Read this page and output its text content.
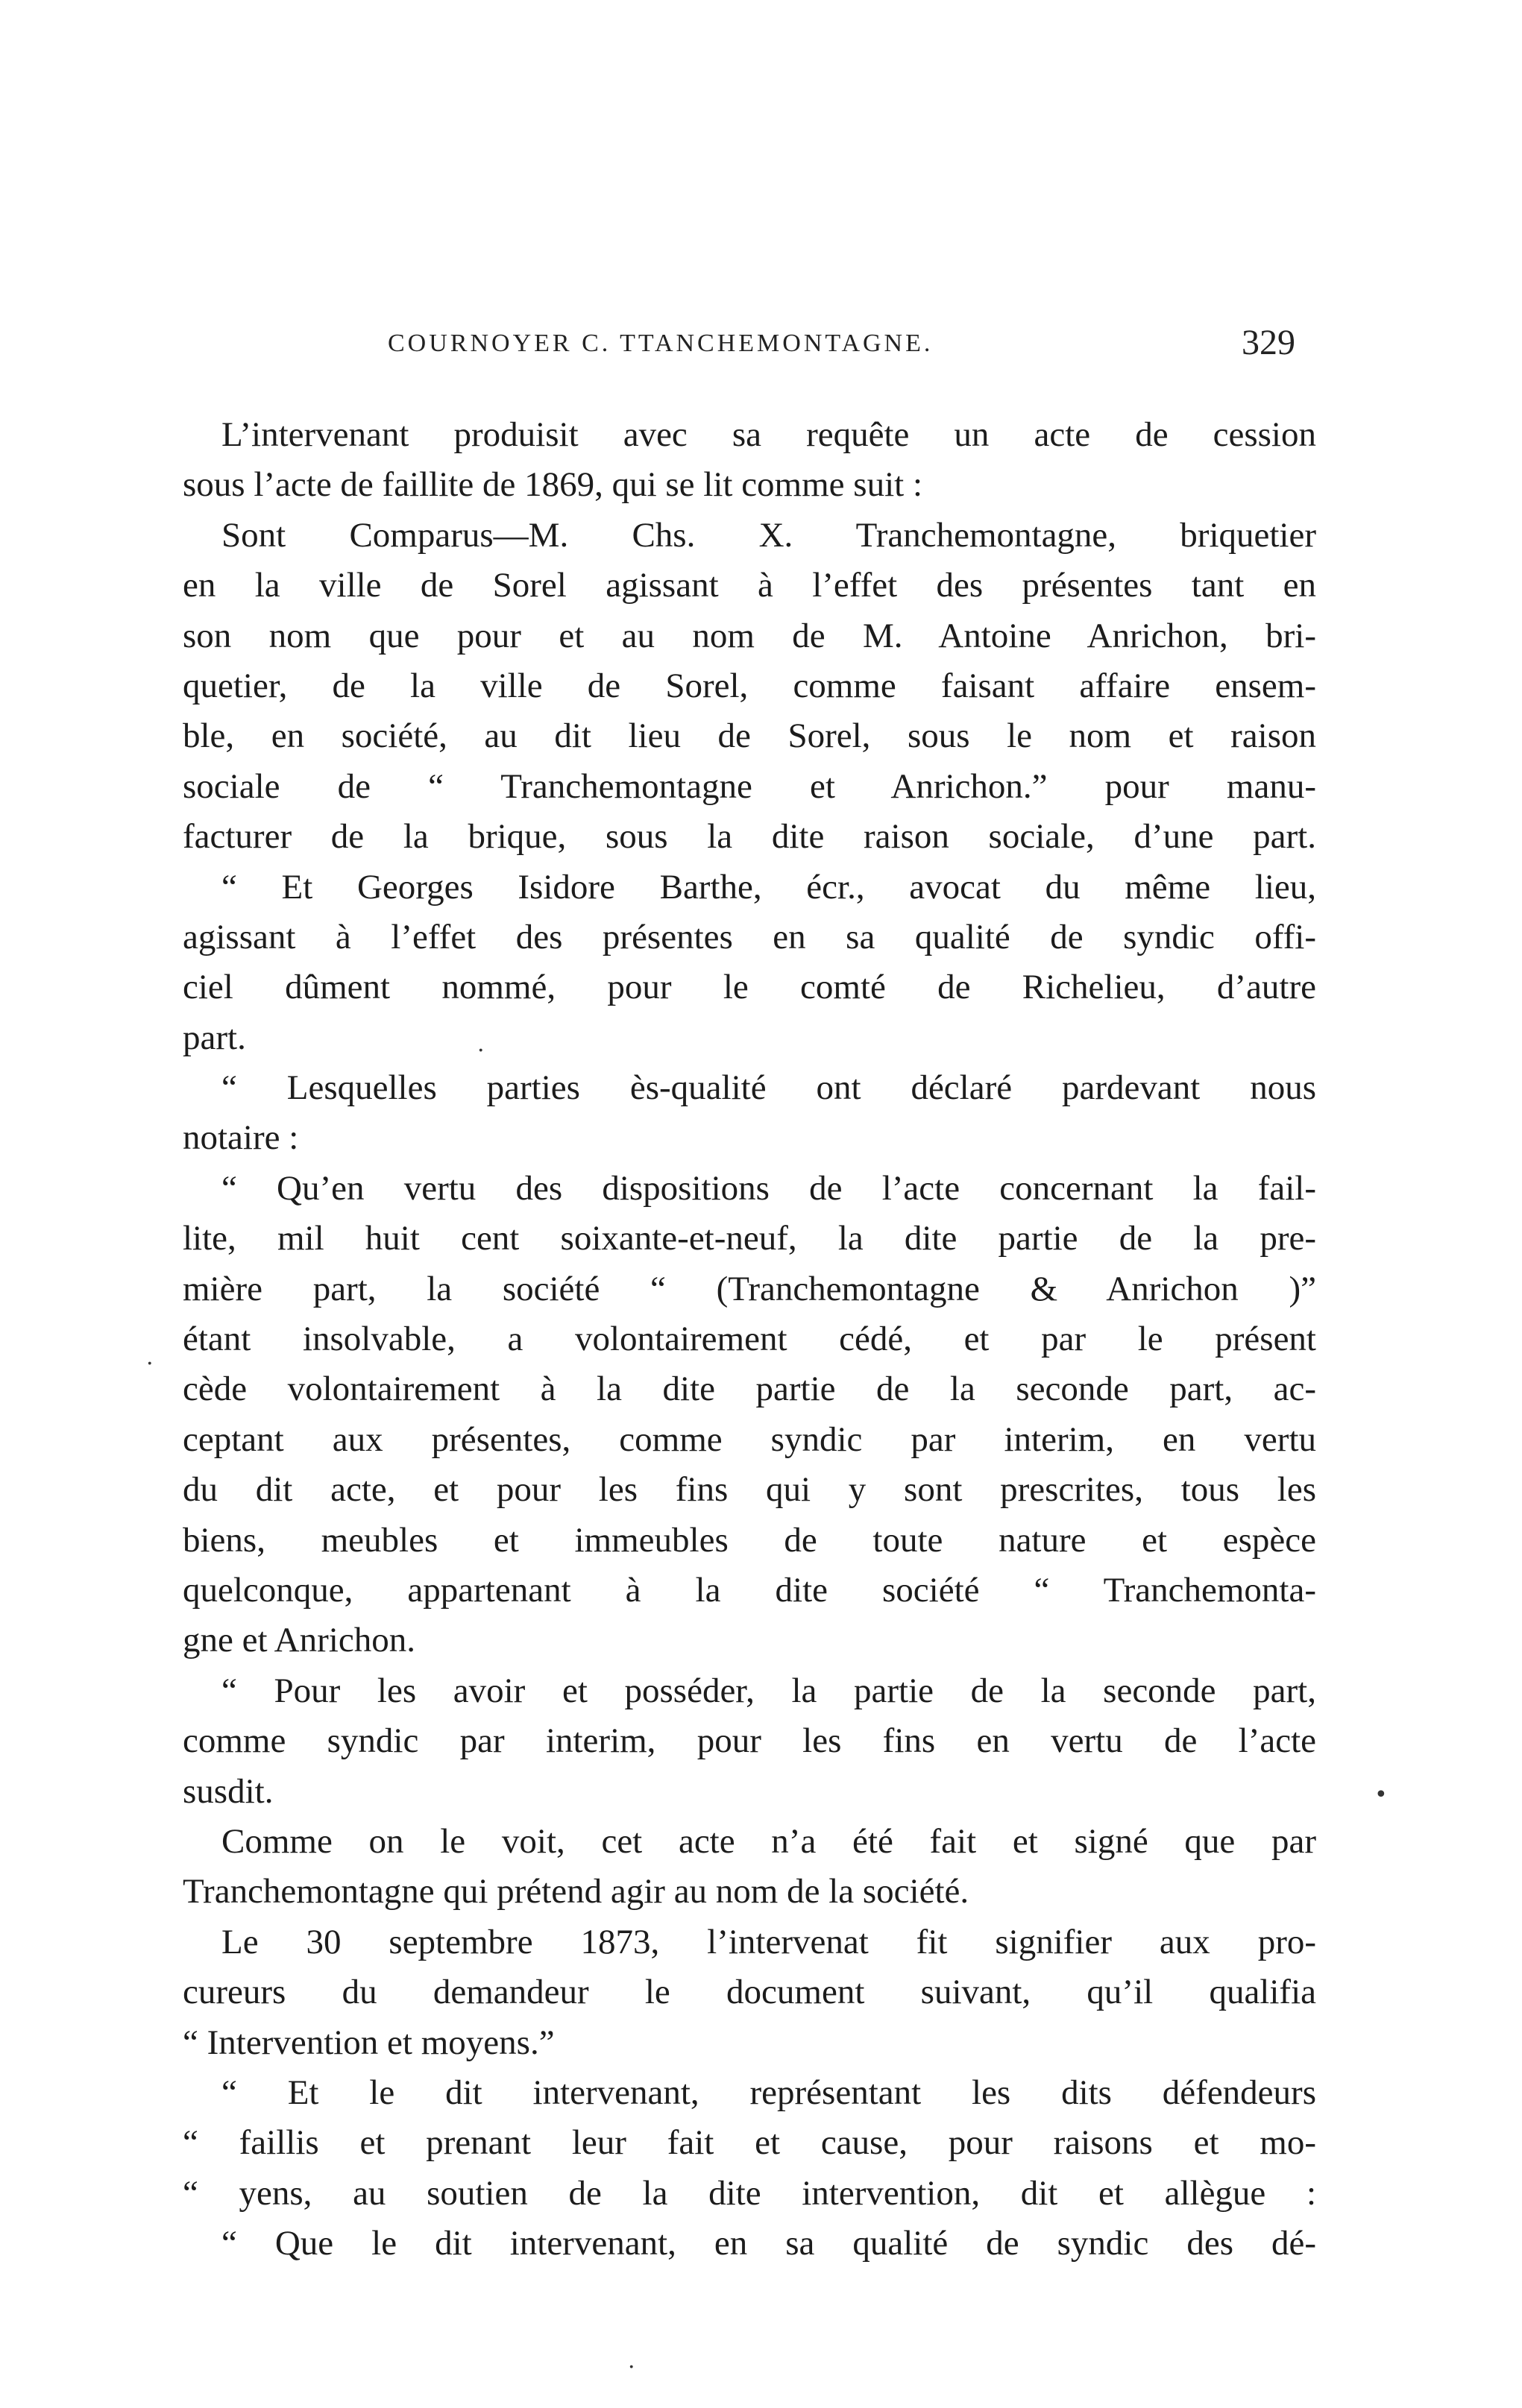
COURNOYER C. TTANCHEMONTAGNE.	329
L’intervenant produisit avec sa requête un acte de cession
sous l’acte de faillite de 1869, qui se lit comme suit :
Sont Comparus—M. Chs. X. Tranchemontagne, briquetier
en la ville de Sorel agissant à l’effet des présentes tant en
son nom que pour et au nom de M. Antoine Anrichon, bri-
quetier, de la ville de Sorel, comme faisant affaire ensem-
ble, en société, au dit lieu de Sorel, sous le nom et raison
sociale de “ Tranchemontagne et Anrichon.” pour manu-
facturer de la brique, sous la dite raison sociale, d’une part.
“ Et Georges Isidore Barthe, écr., avocat du même lieu,
agissant à l’effet des présentes en sa qualité de syndic offi-
ciel dûment nommé, pour le comté de Richelieu, d’autre
part.
“ Lesquelles parties ès-qualité ont déclaré pardevant nous
notaire :
“ Qu’en vertu des dispositions de l’acte concernant la fail-
lite, mil huit cent soixante-et-neuf, la dite partie de la pre-
mière part, la société “ (Tranchemontagne & Anrichon )”
étant insolvable, a volontairement cédé, et par le présent
cède volontairement à la dite partie de la seconde part, ac-
ceptant aux présentes, comme syndic par interim, en vertu
du dit acte, et pour les fins qui y sont prescrites, tous les
biens, meubles et immeubles de toute nature et espèce
quelconque, appartenant à la dite société “ Tranchemonta-
gne et Anrichon.
“ Pour les avoir et posséder, la partie de la seconde part,
comme syndic par interim, pour les fins en vertu de l’acte
susdit.
Comme on le voit, cet acte n’a été fait et signé que par
Tranchemontagne qui prétend agir au nom de la société.
Le 30 septembre 1873, l’intervenat fit signifier aux pro-
cureurs du demandeur le document suivant, qu’il qualifia
“ Intervention et moyens.”
“ Et le dit intervenant, représentant les dits défendeurs
“ faillis et prenant leur fait et cause, pour raisons et mo-
“ yens, au soutien de la dite intervention, dit et allègue :
“ Que le dit intervenant, en sa qualité de syndic des dé-
·
·
•
·
